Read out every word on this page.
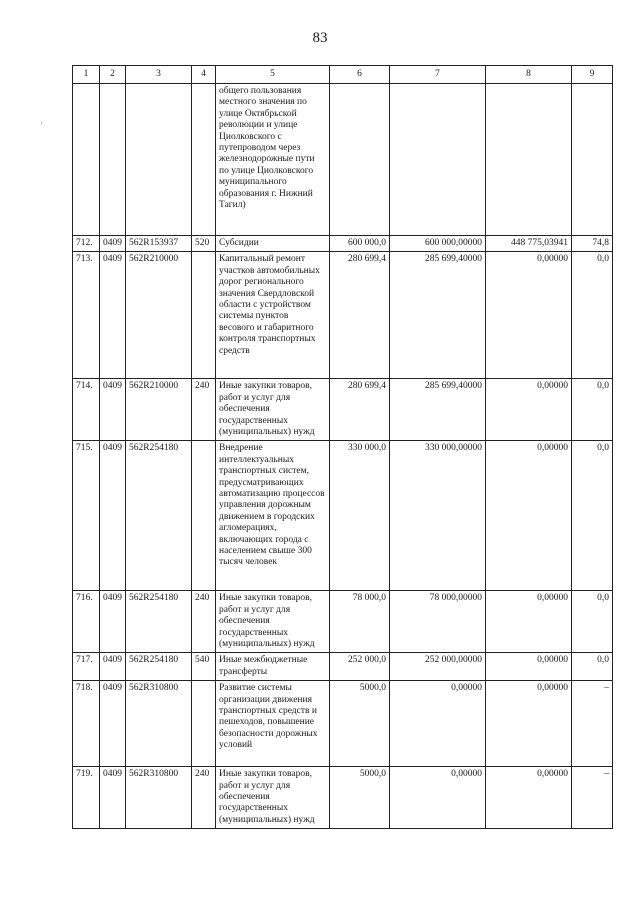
83
·
1	2	3	4	5	6	7	8	9
				общего пользования местного значения по улице Октябрьской революции и улице Циолковского с путепроводом через железнодорожные пути по улице Циолковского муниципального образования г. Нижний Тагил)				
712.	0409	562R153937	520	Субсидии	600 000,0	600 000,00000	448 775,03941	74,8
713.	0409	562R210000		Капитальный ремонт участков автомобильных дорог регионального значения Свердловской области с устройством системы пунктов весового и габаритного контроля транспортных средств	280 699,4	285 699,40000	0,00000	0,0
714.	0409	562R210000	240	Иные закупки товаров, работ и услуг для обеспечения государственных (муниципальных) нужд	280 699,4	285 699,40000	0,00000	0,0
715.	0409	562R254180		Внедрение интеллектуальных транспортных систем, предусматривающих автоматизацию процессов управления дорожным движением в городских агломерациях, включающих города с населением свыше 300 тысяч человек	330 000,0	330 000,00000	0,00000	0,0
716.	0409	562R254180	240	Иные закупки товаров, работ и услуг для обеспечения государственных (муниципальных) нужд	78 000,0	78 000,00000	0,00000	0,0
717.	0409	562R254180	540	Иные межбюджетные трансферты	252 000,0	252 000,00000	0,00000	0,0
718.	0409	562R310800		Развитие системы организации движения транспортных средств и пешеходов, повышение безопасности дорожных условий	5000,0	0,00000	0,00000	–
719.	0409	562R310800	240	Иные закупки товаров, работ и услуг для обеспечения государственных (муниципальных) нужд	5000,0	0,00000	0,00000	–
